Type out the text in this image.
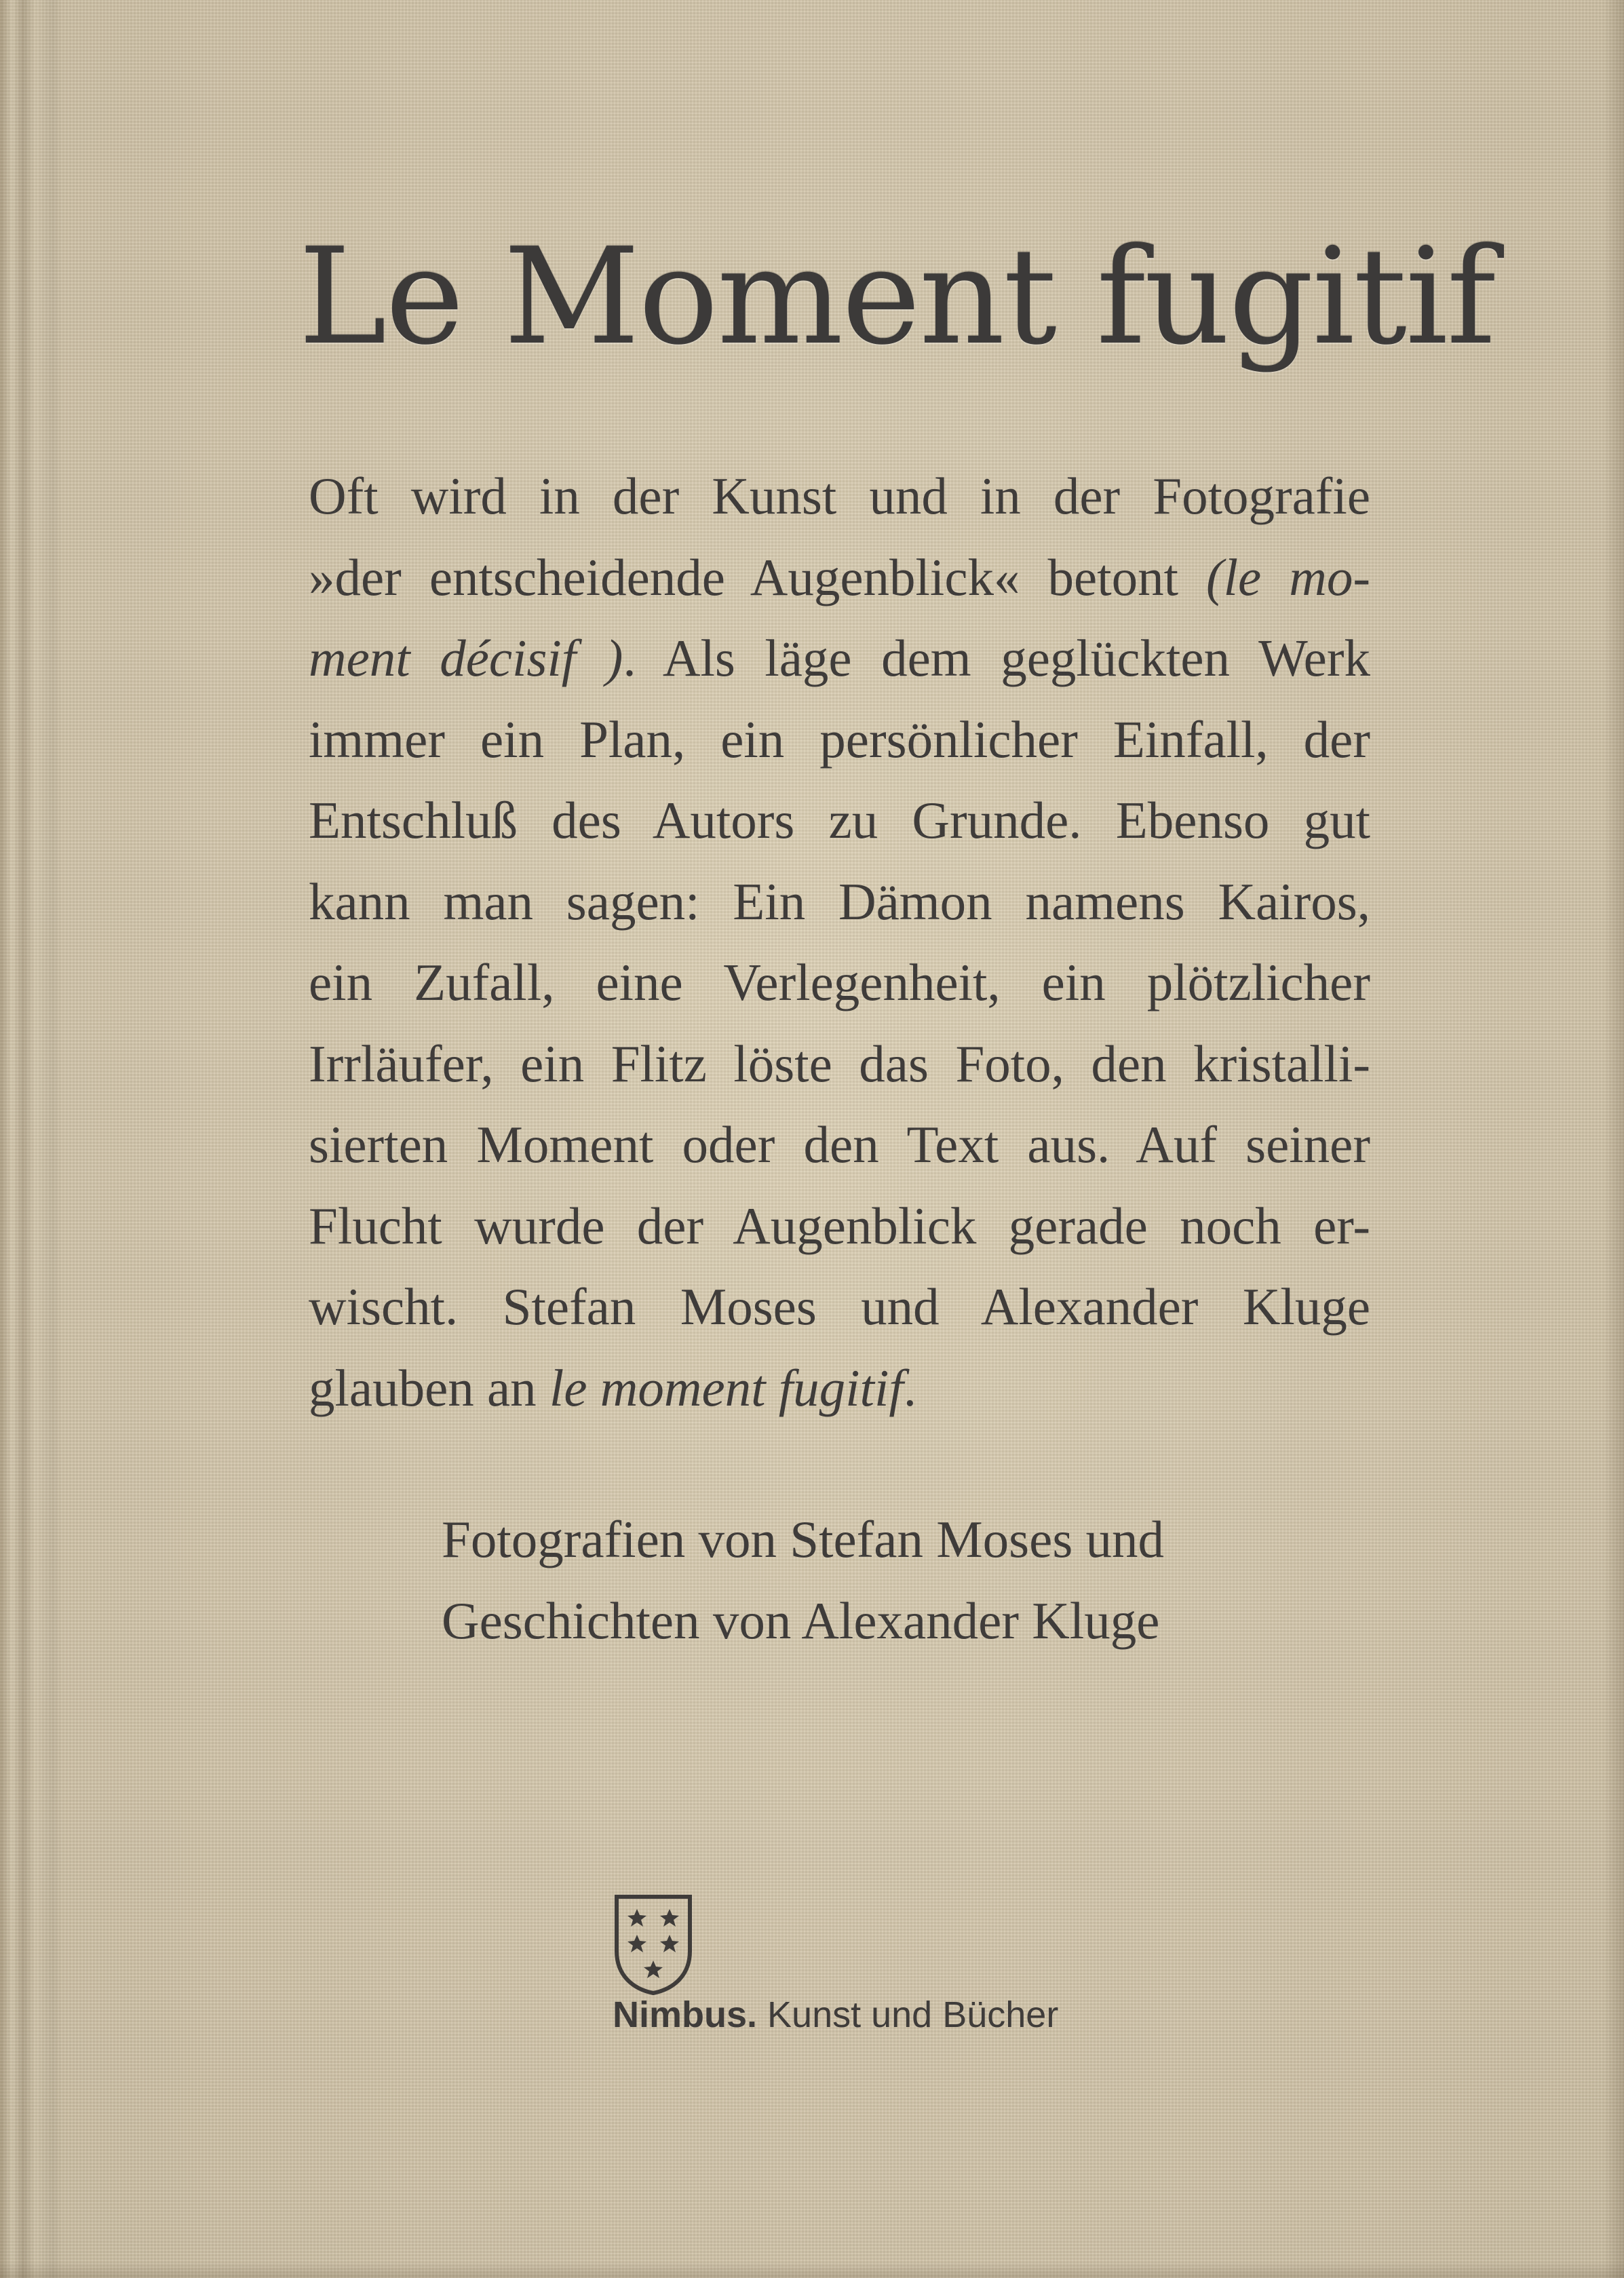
Le Moment fugitif

Oft wird in der Kunst und in der Fotografie
»der entscheidende Augenblick« betont (le mo-
ment décisif ). Als läge dem geglückten Werk
immer ein Plan, ein persönlicher Einfall, der
Entschluß des Autors zu Grunde. Ebenso gut
kann man sagen: Ein Dämon namens Kairos,
ein Zufall, eine Verlegenheit, ein plötzlicher
Irrläufer, ein Flitz löste das Foto, den kristalli-
sierten Moment oder den Text aus. Auf seiner
Flucht wurde der Augenblick gerade noch er-
wischt. Stefan Moses und Alexander Kluge
glauben an le moment fugitif.

Fotografien von Stefan Moses und
Geschichten von Alexander Kluge

Nimbus. Kunst und Bücher
